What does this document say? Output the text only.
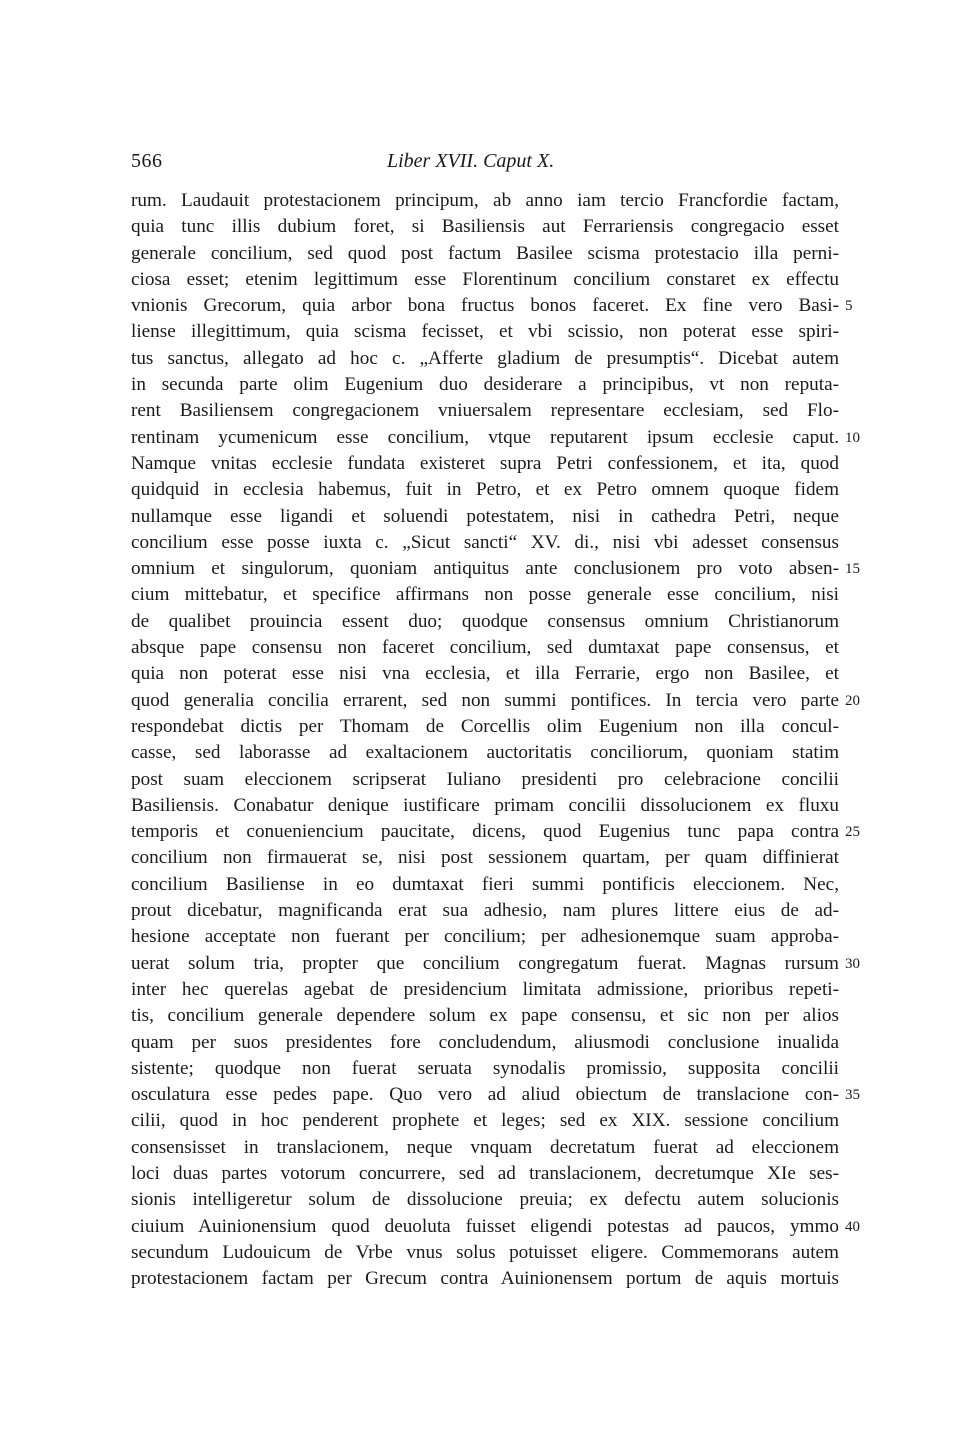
566	Liber XVII. Caput X.
rum. Laudauit protestacionem principum, ab anno iam tercio Francfordie factam,
quia tunc illis dubium foret, si Basiliensis aut Ferrariensis congregacio esset
generale concilium, sed quod post factum Basilee scisma protestacio illa perni-
ciosa esset; etenim legittimum esse Florentinum concilium constaret ex effectu
vnionis Grecorum, quia arbor bona fructus bonos faceret. Ex fine vero Basi- 5
liense illegittimum, quia scisma fecisset, et vbi scissio, non poterat esse spiri-
tus sanctus, allegato ad hoc c. „Afferte gladium de presumptis“. Dicebat autem
in secunda parte olim Eugenium duo desiderare a principibus, vt non reputa-
rent Basiliensem congregacionem vniuersalem representare ecclesiam, sed Flo-
rentinam ycumenicum esse concilium, vtque reputarent ipsum ecclesie caput. 10
Namque vnitas ecclesie fundata existeret supra Petri confessionem, et ita, quod
quidquid in ecclesia habemus, fuit in Petro, et ex Petro omnem quoque fidem
nullamque esse ligandi et soluendi potestatem, nisi in cathedra Petri, neque
concilium esse posse iuxta c. „Sicut sancti“ XV. di., nisi vbi adesset consensus
omnium et singulorum, quoniam antiquitus ante conclusionem pro voto absen- 15
cium mittebatur, et specifice affirmans non posse generale esse concilium, nisi
de qualibet prouincia essent duo; quodque consensus omnium Christianorum
absque pape consensu non faceret concilium, sed dumtaxat pape consensus, et
quia non poterat esse nisi vna ecclesia, et illa Ferrarie, ergo non Basilee, et
quod generalia concilia errarent, sed non summi pontifices. In tercia vero parte 20
respondebat dictis per Thomam de Corcellis olim Eugenium non illa concul-
casse, sed laborasse ad exaltacionem auctoritatis conciliorum, quoniam statim
post suam eleccionem scripserat Iuliano presidenti pro celebracione concilii
Basiliensis. Conabatur denique iustificare primam concilii dissolucionem ex fluxu
temporis et conueniencium paucitate, dicens, quod Eugenius tunc papa contra 25
concilium non firmauerat se, nisi post sessionem quartam, per quam diffinierat
concilium Basiliense in eo dumtaxat fieri summi pontificis eleccionem. Nec,
prout dicebatur, magnificanda erat sua adhesio, nam plures littere eius de ad-
hesione acceptate non fuerant per concilium; per adhesionemque suam approba-
uerat solum tria, propter que concilium congregatum fuerat. Magnas rursum 30
inter hec querelas agebat de presidencium limitata admissione, prioribus repeti-
tis, concilium generale dependere solum ex pape consensu, et sic non per alios
quam per suos presidentes fore concludendum, aliusmodi conclusione inualida
sistente; quodque non fuerat seruata synodalis promissio, supposita concilii
osculatura esse pedes pape. Quo vero ad aliud obiectum de translacione con- 35
cilii, quod in hoc penderent prophete et leges; sed ex XIX. sessione concilium
consensisset in translacionem, neque vnquam decretatum fuerat ad eleccionem
loci duas partes votorum concurrere, sed ad translacionem, decretumque XIe ses-
sionis intelligeretur solum de dissolucione preuia; ex defectu autem solucionis
ciuium Auinionensium quod deuoluta fuisset eligendi potestas ad paucos, ymmo 40
secundum Ludouicum de Vrbe vnus solus potuisset eligere. Commemorans autem
protestacionem factam per Grecum contra Auinionensem portum de aquis mortuis
